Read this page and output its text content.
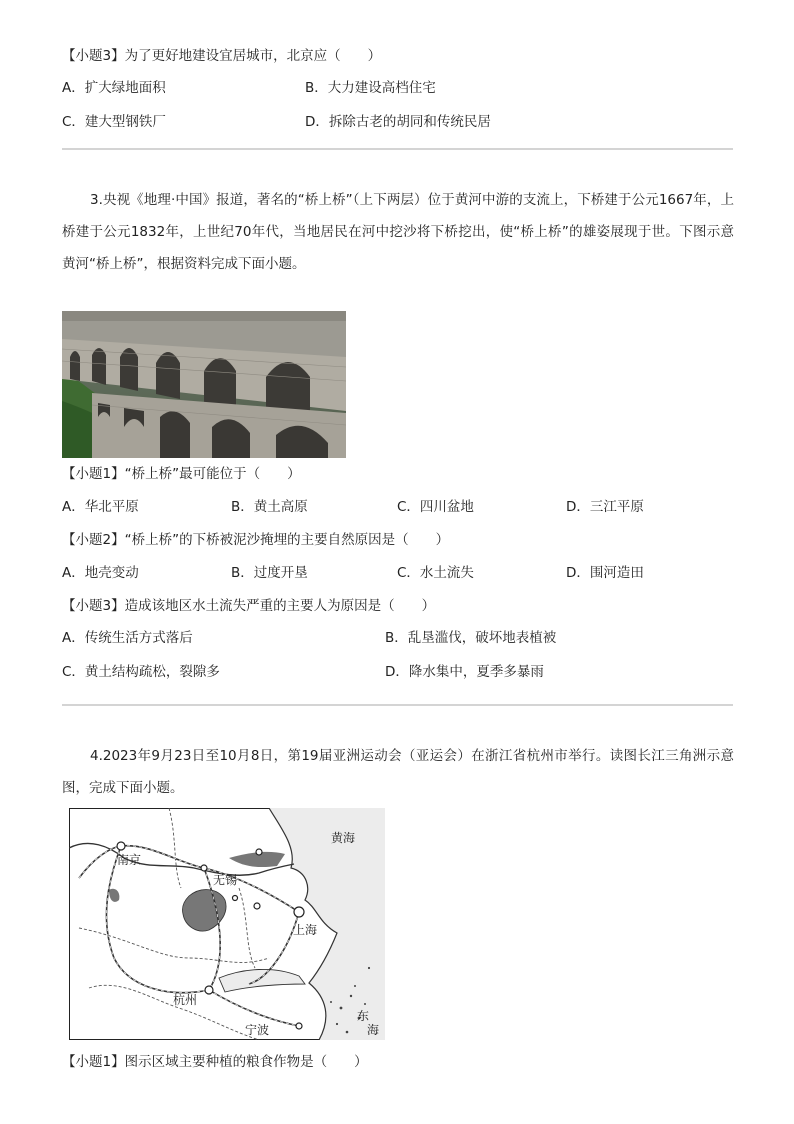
【小题3】为了更好地建设宜居城市，北京应（　　）
A．扩大绿地面积	B．大力建设高档住宅
C．建大型钢铁厂	D．拆除古老的胡同和传统民居
3.央视《地理·中国》报道，著名的“桥上桥”（上下两层）位于黄河中游的支流上，下桥建于公元1667年，上桥建于公元1832年，上世纪70年代，当地居民在河中挖沙将下桥挖出，使“桥上桥”的雄姿展现于世。下图示意黄河“桥上桥”，根据资料完成下面小题。
【小题1】“桥上桥”最可能位于（　　）
A．华北平原	B．黄土高原	C．四川盆地	D．三江平原
【小题2】“桥上桥”的下桥被泥沙掩埋的主要自然原因是（　　）
A．地壳变动	B．过度开垦	C．水土流失	D．围河造田
【小题3】造成该地区水土流失严重的主要人为原因是（　　）
A．传统生活方式落后	B．乱垦滥伐，破坏地表植被
C．黄土结构疏松，裂隙多	D．降水集中，夏季多暴雨
4.2023年9月23日至10月8日，第19届亚洲运动会（亚运会）在浙江省杭州市举行。读图长江三角洲示意图，完成下面小题。
黄海
南京
无锡
上海
杭州
宁波
东
海
【小题1】图示区域主要种植的粮食作物是（　　）
